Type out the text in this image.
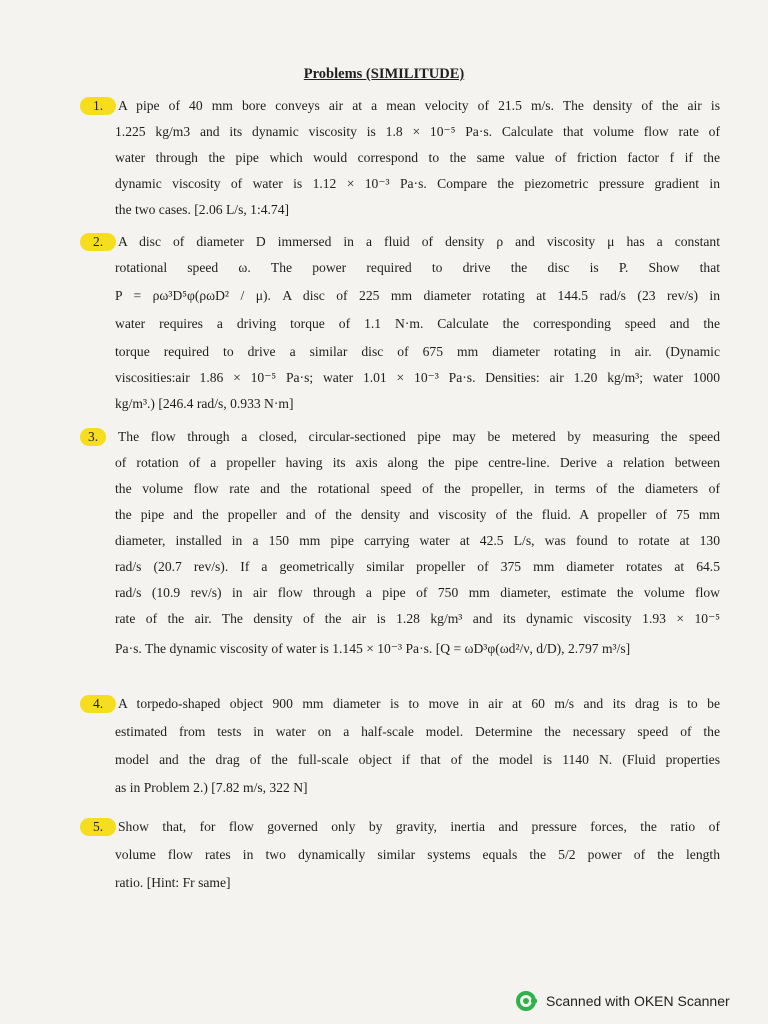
Problems (SIMILITUDE)
1.	A pipe of 40 mm bore conveys air at a mean velocity of 21.5 m/s. The density of the air is
1.225 kg/m3 and its dynamic viscosity is 1.8 × 10⁻⁵ Pa·s. Calculate that volume flow rate of
water through the pipe which would correspond to the same value of friction factor f if the
dynamic viscosity of water is 1.12 × 10⁻³ Pa·s. Compare the piezometric pressure gradient in
the two cases. [2.06 L/s, 1:4.74]
2.	A disc of diameter D immersed in a fluid of density ρ and viscosity μ has a constant
rotational speed ω. The power required to drive the disc is P. Show that
P = ρω³D⁵φ(ρωD² / μ). A disc of 225 mm diameter rotating at 144.5 rad/s (23 rev/s) in
water requires a driving torque of 1.1 N·m. Calculate the corresponding speed and the
torque required to drive a similar disc of 675 mm diameter rotating in air. (Dynamic
viscosities:air 1.86 × 10⁻⁵ Pa·s; water 1.01 × 10⁻³ Pa·s. Densities: air 1.20 kg/m³; water 1000
kg/m³.) [246.4 rad/s, 0.933 N·m]
3.	The flow through a closed, circular-sectioned pipe may be metered by measuring the speed
of rotation of a propeller having its axis along the pipe centre-line. Derive a relation between
the volume flow rate and the rotational speed of the propeller, in terms of the diameters of
the pipe and the propeller and of the density and viscosity of the fluid. A propeller of 75 mm
diameter, installed in a 150 mm pipe carrying water at 42.5 L/s, was found to rotate at 130
rad/s (20.7 rev/s). If a geometrically similar propeller of 375 mm diameter rotates at 64.5
rad/s (10.9 rev/s) in air flow through a pipe of 750 mm diameter, estimate the volume flow
rate of the air. The density of the air is 1.28 kg/m³ and its dynamic viscosity 1.93 × 10⁻⁵
Pa·s. The dynamic viscosity of water is 1.145 × 10⁻³ Pa·s. [Q = ωD³φ(ωd²/ν, d/D), 2.797 m³/s]
4.	A torpedo-shaped object 900 mm diameter is to move in air at 60 m/s and its drag is to be
estimated from tests in water on a half-scale model. Determine the necessary speed of the
model and the drag of the full-scale object if that of the model is 1140 N. (Fluid properties
as in Problem 2.) [7.82 m/s, 322 N]
5.	Show that, for flow governed only by gravity, inertia and pressure forces, the ratio of
volume flow rates in two dynamically similar systems equals the 5/2 power of the length
ratio. [Hint: Fr same]
Scanned with OKEN Scanner
